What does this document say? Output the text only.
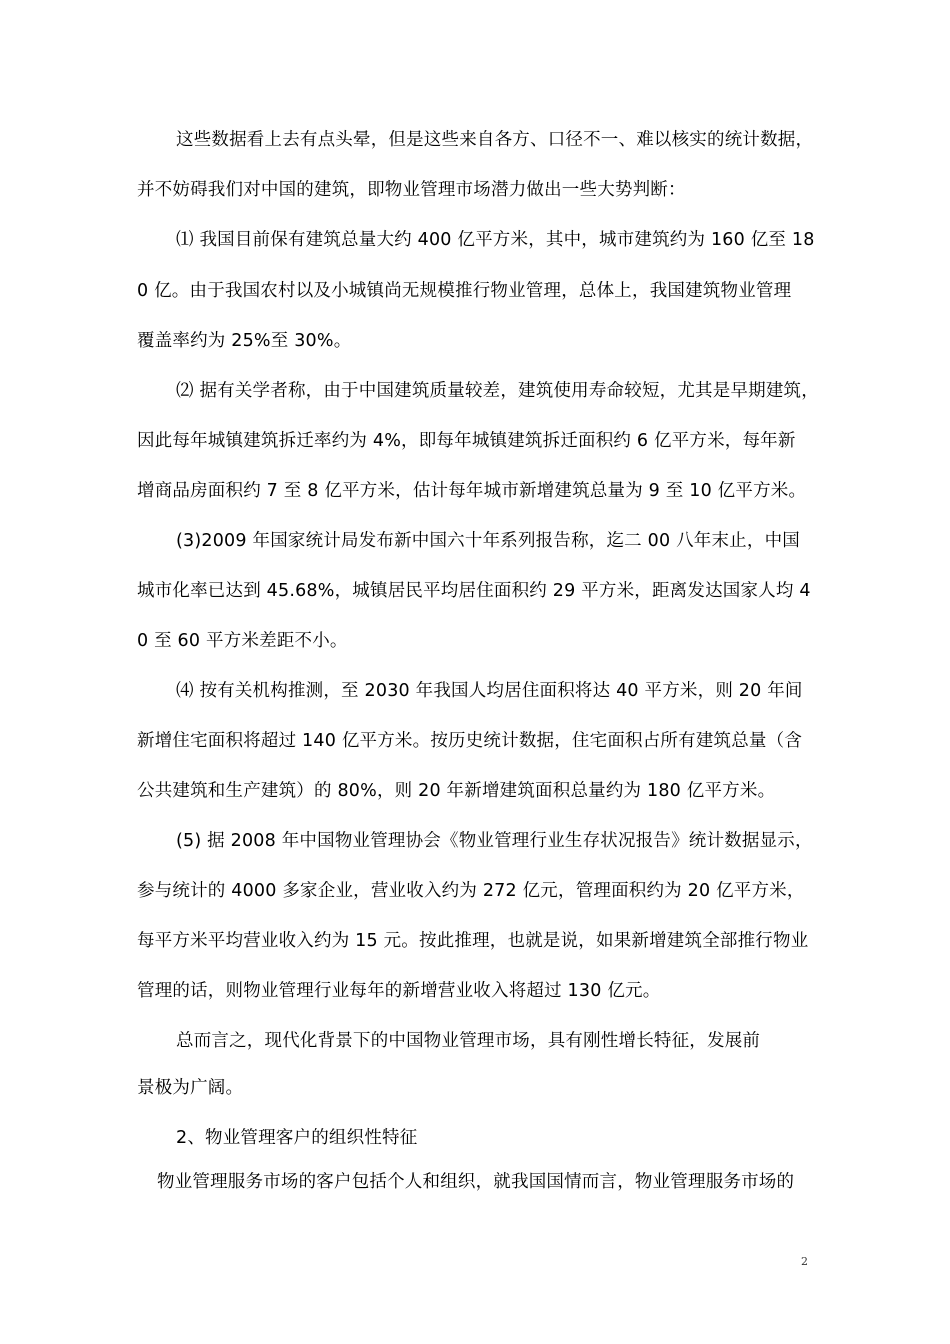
这些数据看上去有点头晕，但是这些来自各方、口径不一、难以核实的统计数据，
并不妨碍我们对中国的建筑，即物业管理市场潜力做出一些大势判断：
⑴ 我国目前保有建筑总量大约 400 亿平方米，其中，城市建筑约为 160 亿至 18
0 亿。由于我国农村以及小城镇尚无规模推行物业管理，总体上，我国建筑物业管理
覆盖率约为 25%至 30%。
⑵ 据有关学者称，由于中国建筑质量较差，建筑使用寿命较短，尤其是早期建筑，
因此每年城镇建筑拆迁率约为 4%，即每年城镇建筑拆迁面积约 6 亿平方米，每年新
增商品房面积约 7 至 8 亿平方米，估计每年城市新增建筑总量为 9 至 10 亿平方米。
(3)2009 年国家统计局发布新中国六十年系列报告称，迄二 00 八年末止，中国
城市化率已达到 45.68%，城镇居民平均居住面积约 29 平方米，距离发达国家人均 4
0 至 60 平方米差距不小。
⑷ 按有关机构推测，至 2030 年我国人均居住面积将达 40 平方米，则 20 年间
新增住宅面积将超过 140 亿平方米。按历史统计数据，住宅面积占所有建筑总量（含
公共建筑和生产建筑）的 80%，则 20 年新增建筑面积总量约为 180 亿平方米。
(5) 据 2008 年中国物业管理协会《物业管理行业生存状况报告》统计数据显示，
参与统计的 4000 多家企业，营业收入约为 272 亿元，管理面积约为 20 亿平方米，
每平方米平均营业收入约为 15 元。按此推理，也就是说，如果新增建筑全部推行物业
管理的话，则物业管理行业每年的新增营业收入将超过 130 亿元。
总而言之，现代化背景下的中国物业管理市场，具有刚性增长特征，发展前
景极为广阔。
2、物业管理客户的组织性特征
物业管理服务市场的客户包括个人和组织，就我国国情而言，物业管理服务市场的
2
